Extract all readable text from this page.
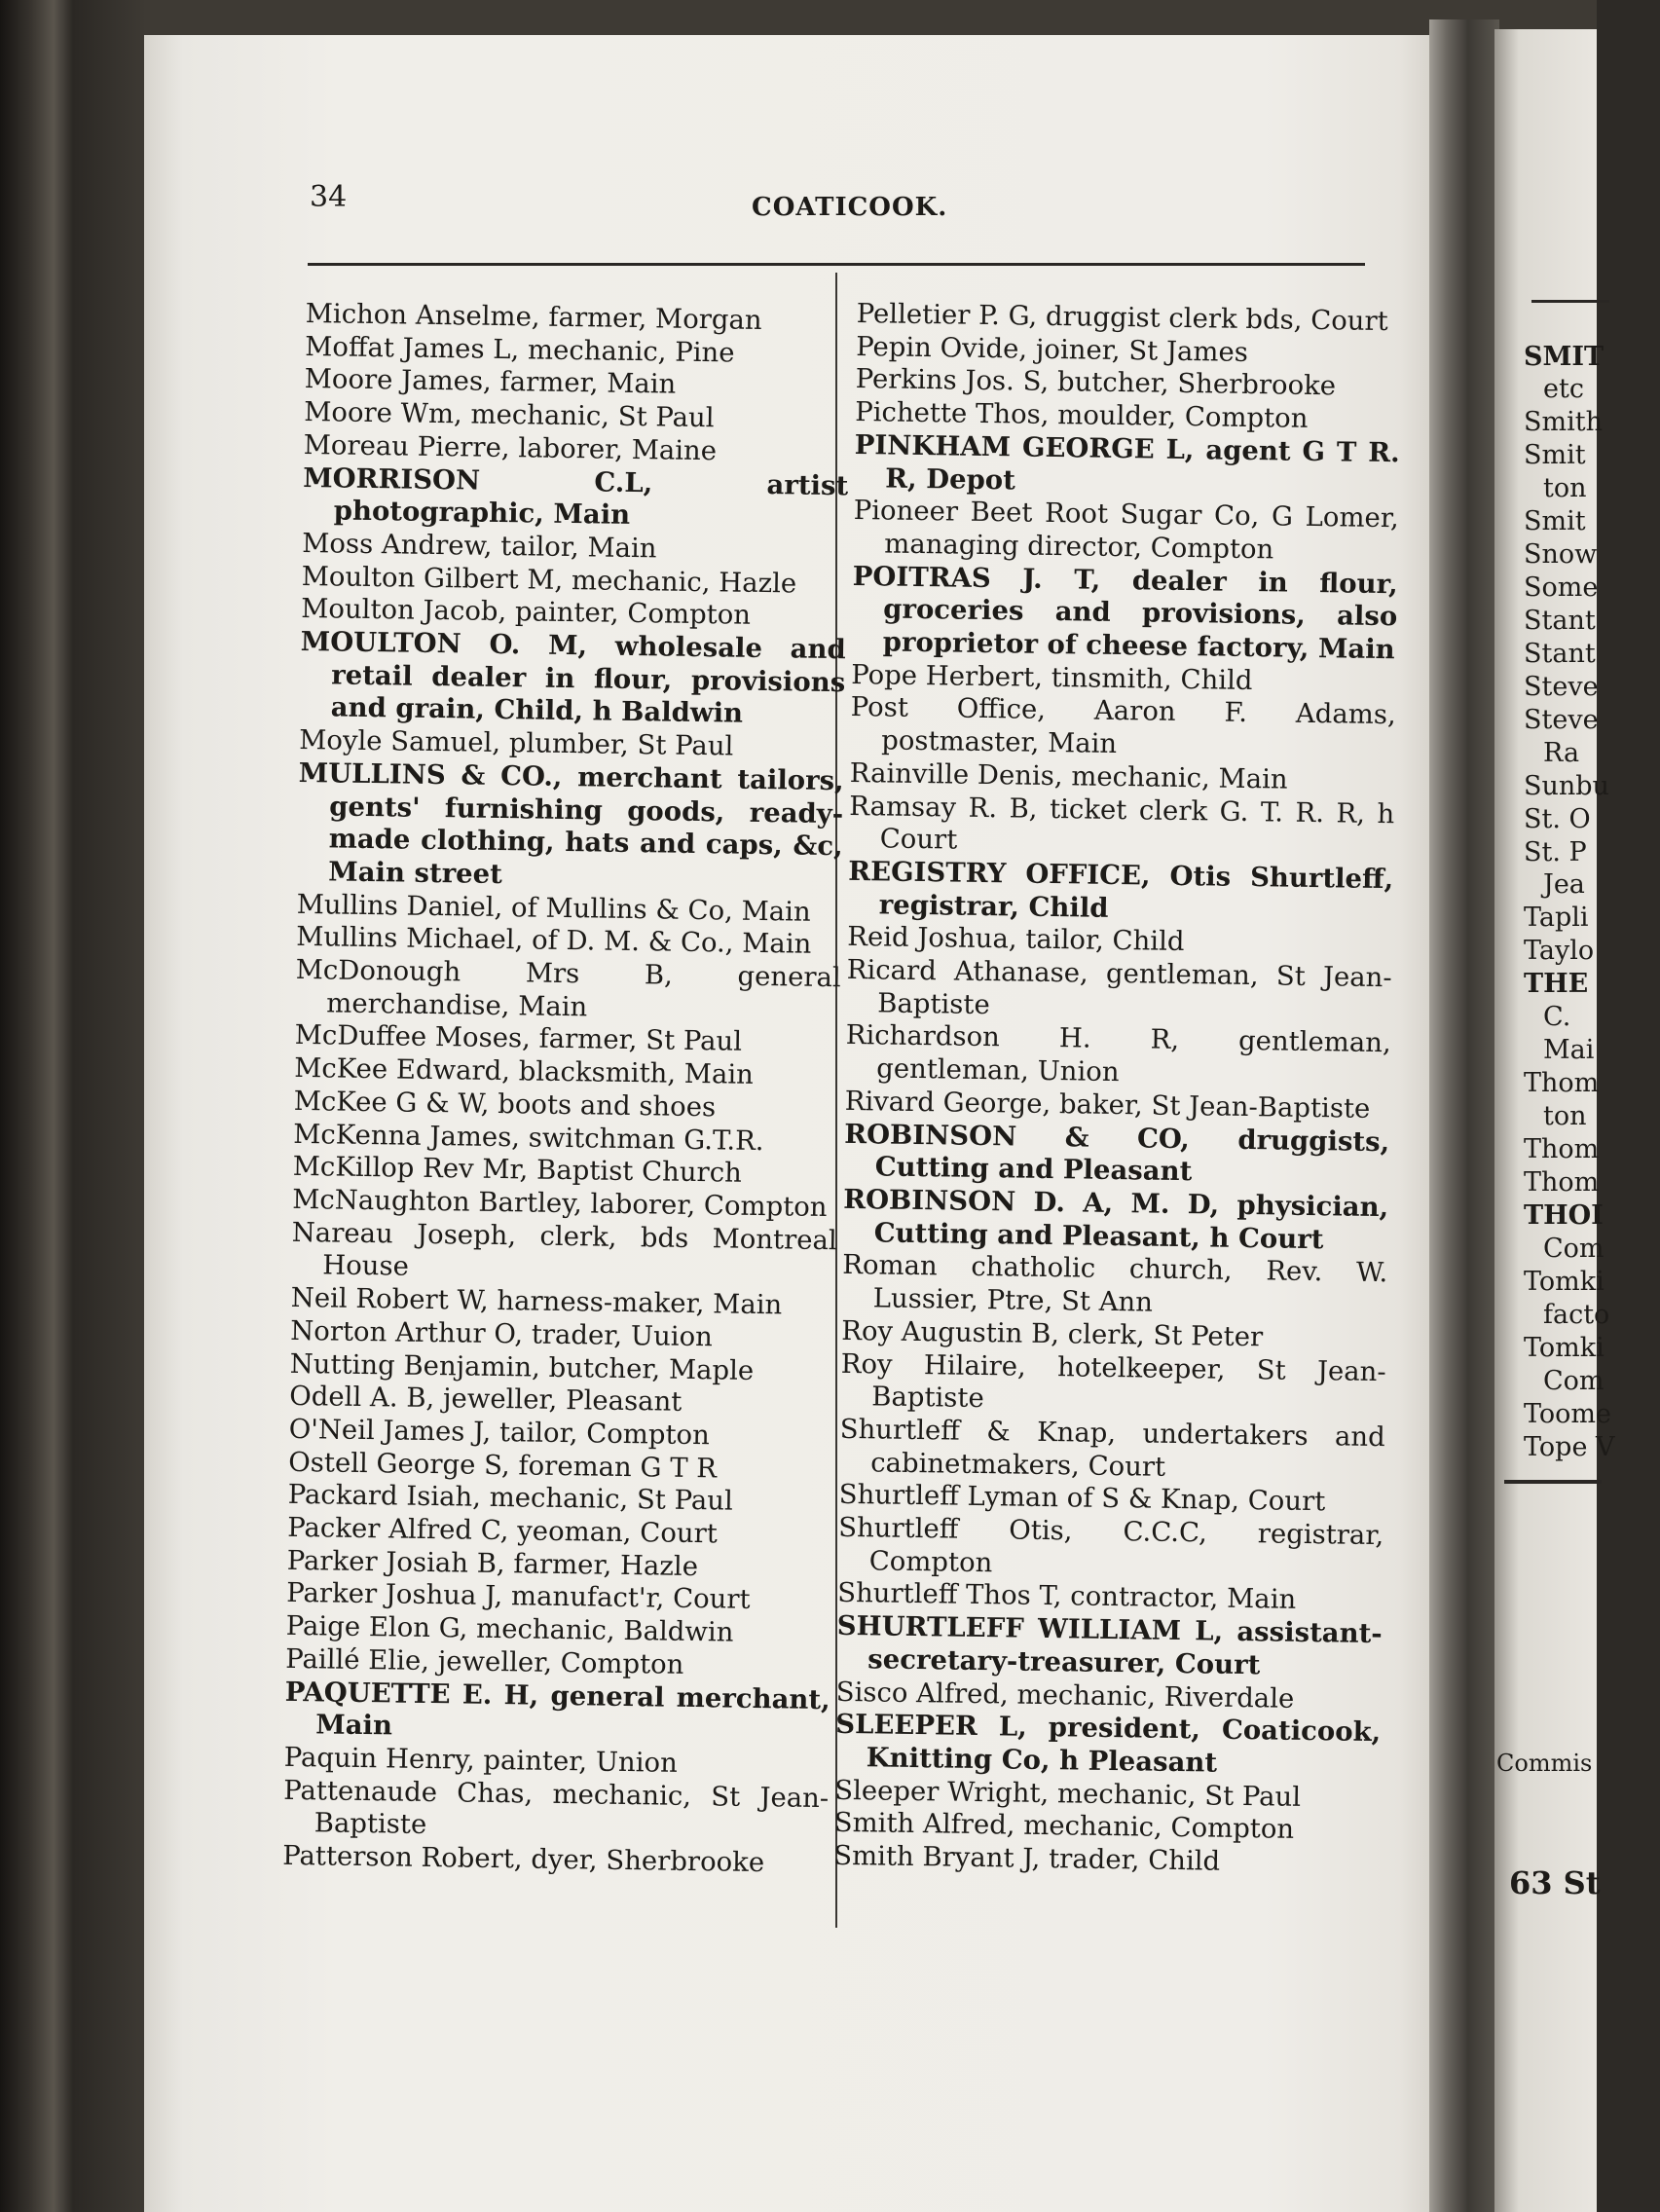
34	COATICOOK.

Michon Anselme, farmer, Morgan

Moffat James L, mechanic, Pine

Moore James, farmer, Main

Moore Wm, mechanic, St Paul

Moreau Pierre, laborer, Maine

MORRISON C.L, artist photographic, Main

Moss Andrew, tailor, Main

Moulton Gilbert M, mechanic, Hazle

Moulton Jacob, painter, Compton

MOULTON O. M, wholesale and retail dealer in flour, provisions and grain, Child, h Baldwin

Moyle Samuel, plumber, St Paul

MULLINS & CO., merchant tailors, gents' furnishing goods, ready-made clothing, hats and caps, &c, Main street

Mullins Daniel, of Mullins & Co, Main

Mullins Michael, of D. M. & Co., Main

McDonough Mrs B, general merchandise, Main

McDuffee Moses, farmer, St Paul

McKee Edward, blacksmith, Main

McKee G & W, boots and shoes

McKenna James, switchman G.T.R.

McKillop Rev Mr, Baptist Church

McNaughton Bartley, laborer, Compton

Nareau Joseph, clerk, bds Montreal House

Neil Robert W, harness-maker, Main

Norton Arthur O, trader, Uuion

Nutting Benjamin, butcher, Maple

Odell A. B, jeweller, Pleasant

O'Neil James J, tailor, Compton

Ostell George S, foreman G T R

Packard Isiah, mechanic, St Paul

Packer Alfred C, yeoman, Court

Parker Josiah B, farmer, Hazle

Parker Joshua J, manufact'r, Court

Paige Elon G, mechanic, Baldwin

Paillé Elie, jeweller, Compton

PAQUETTE E. H, general merchant, Main

Paquin Henry, painter, Union

Pattenaude Chas, mechanic, St Jean-Baptiste

Patterson Robert, dyer, Sherbrooke

Pelletier P. G, druggist clerk bds, Court

Pepin Ovide, joiner, St James

Perkins Jos. S, butcher, Sherbrooke

Pichette Thos, moulder, Compton

PINKHAM GEORGE L, agent G T R. R, Depot

Pioneer Beet Root Sugar Co, G Lomer, managing director, Compton

POITRAS J. T, dealer in flour, groceries and provisions, also proprietor of cheese factory, Main

Pope Herbert, tinsmith, Child

Post Office, Aaron F. Adams, postmaster, Main

Rainville Denis, mechanic, Main

Ramsay R. B, ticket clerk G. T. R. R, h Court

REGISTRY OFFICE, Otis Shurtleff, registrar, Child

Reid Joshua, tailor, Child

Ricard Athanase, gentleman, St Jean-Baptiste

Richardson H. R, gentleman, gentleman, Union

Rivard George, baker, St Jean-Baptiste

ROBINSON & CO, druggists, Cutting and Pleasant

ROBINSON D. A, M. D, physician, Cutting and Pleasant, h Court

Roman chatholic church, Rev. W. Lussier, Ptre, St Ann

Roy Augustin B, clerk, St Peter

Roy Hilaire, hotelkeeper, St Jean-Baptiste

Shurtleff & Knap, undertakers and cabinetmakers, Court

Shurtleff Lyman of S & Knap, Court

Shurtleff Otis, C.C.C, registrar, Compton

Shurtleff Thos T, contractor, Main

SHURTLEFF WILLIAM L, assistant-secretary-treasurer, Court

Sisco Alfred, mechanic, Riverdale

SLEEPER L, president, Coaticook, Knitting Co, h Pleasant

Sleeper Wright, mechanic, St Paul

Smith Alfred, mechanic, Compton

Smith Bryant J, trader, Child

Commis
63 St
SMIT
etc
Smith
Smit
ton
Smit
Snow
Some
Stant
Stant
Steve
Steve
Ra
Sunbu
St. O
St. P
Jea
Tapli
Taylo
THE
C.
Mai
Thom
ton
Thom
Thom
THOI
Com
Tomki
facto
Tomki
Com
Toome
Tope V
